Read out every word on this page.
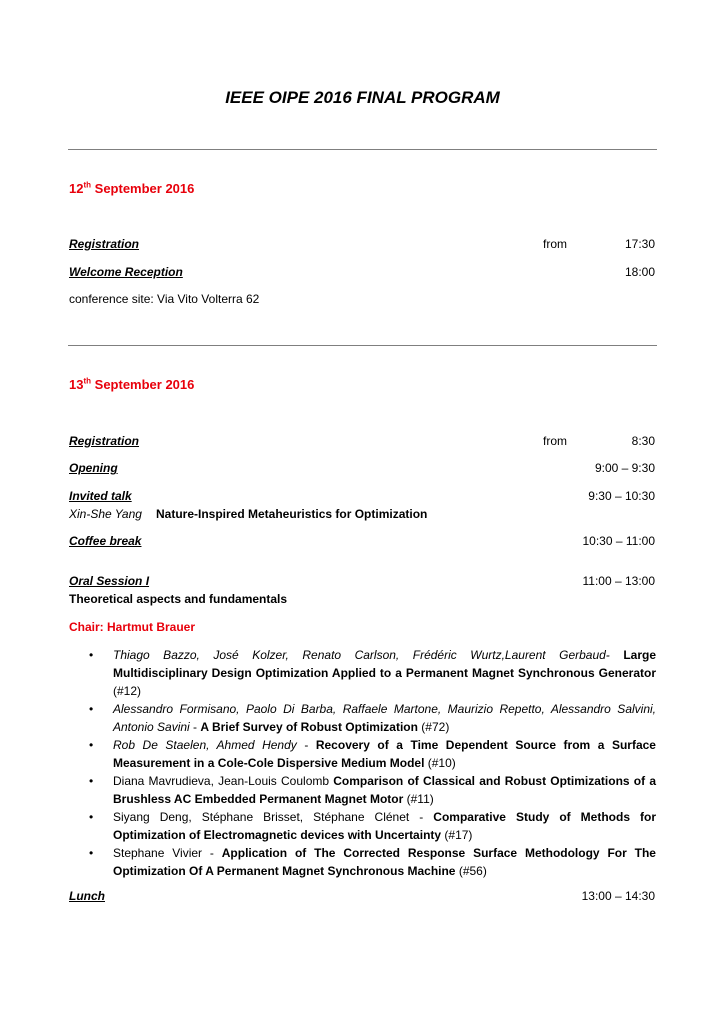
IEEE OIPE 2016 FINAL PROGRAM
12th September 2016
Registration	from	17:30
Welcome Reception	18:00
conference site: Via Vito Volterra 62
13th September 2016
Registration	from	8:30
Opening	9:00 – 9:30
Invited talk	9:30 – 10:30
Xin-She Yang Nature-Inspired Metaheuristics for Optimization
Coffee break	10:30 – 11:00
Oral Session I	11:00 – 13:00
Theoretical aspects and fundamentals
Chair: Hartmut Brauer
• Thiago Bazzo, José Kolzer, Renato Carlson, Frédéric Wurtz,Laurent Gerbaud- Large Multidisciplinary Design Optimization Applied to a Permanent Magnet Synchronous Generator (#12)
• Alessandro Formisano, Paolo Di Barba, Raffaele Martone, Maurizio Repetto, Alessandro Salvini, Antonio Savini - A Brief Survey of Robust Optimization (#72)
• Rob De Staelen, Ahmed Hendy - Recovery of a Time Dependent Source from a Surface Measurement in a Cole-Cole Dispersive Medium Model (#10)
• Diana Mavrudieva, Jean-Louis Coulomb Comparison of Classical and Robust Optimizations of a Brushless AC Embedded Permanent Magnet Motor (#11)
• Siyang Deng, Stéphane Brisset, Stéphane Clénet - Comparative Study of Methods for Optimization of Electromagnetic devices with Uncertainty (#17)
• Stephane Vivier - Application of The Corrected Response Surface Methodology For The Optimization Of A Permanent Magnet Synchronous Machine (#56)
Lunch	13:00 – 14:30
